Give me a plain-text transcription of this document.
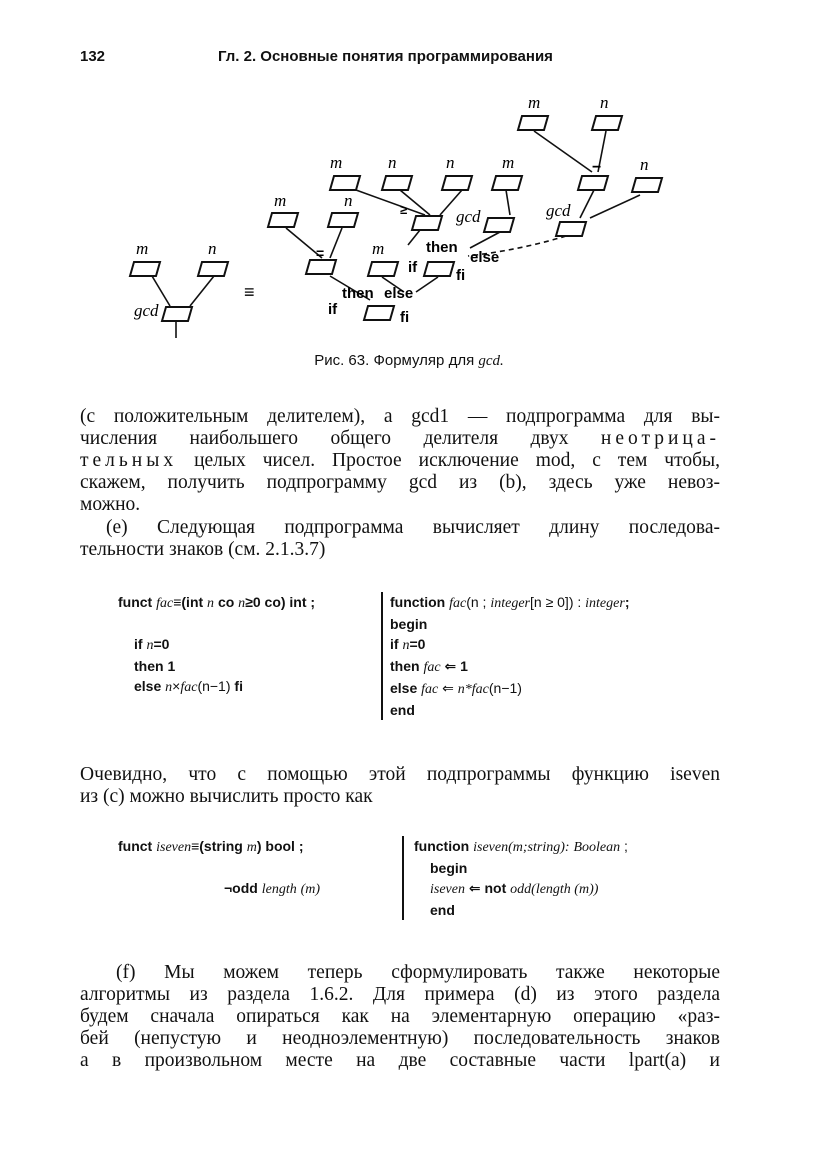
132	Гл. 2. Основные понятия программирования
m	n
gcd
≡
m	n
m	n	n	m
gcd
m	then
else
if	fi
then else
if	fi
=
≥
m	n
n
gcd
−
Рис. 63. Формуляр для gcd.
(с положительным делителем), а gcd1 — подпрограмма для вы-
числения наибольшего общего делителя двух неотрица-
тельных целых чисел. Простое исключение mod, с тем чтобы,
скажем, получить подпрограмму gcd из (b), здесь уже невоз-
можно.
(e) Следующая подпрограмма вычисляет длину последова-
тельности знаков (см. 2.1.3.7)
funct fac≡(int n co n≥0 co) int ;
if n=0
then 1
else n×fac(n−1) fi
function fac(n ; integer[n ≥ 0]) : integer;
begin
if n=0
then fac ⇐ 1
else fac ⇐ n*fac(n−1)
end
Очевидно, что с помощью этой подпрограммы функцию iseven
из (с) можно вычислить просто как
funct iseven≡(string m) bool ;
¬odd length (m)
function iseven(m;string): Boolean ;
begin
iseven ⇐ not odd(length (m))
end
(f) Мы можем теперь сформулировать также некоторые
алгоритмы из раздела 1.6.2. Для примера (d) из этого раздела
будем сначала опираться как на элементарную операцию «раз-
бей (непустую и неодноэлементную) последовательность знаков
a в произвольном месте на две составные части lpart(a) и
